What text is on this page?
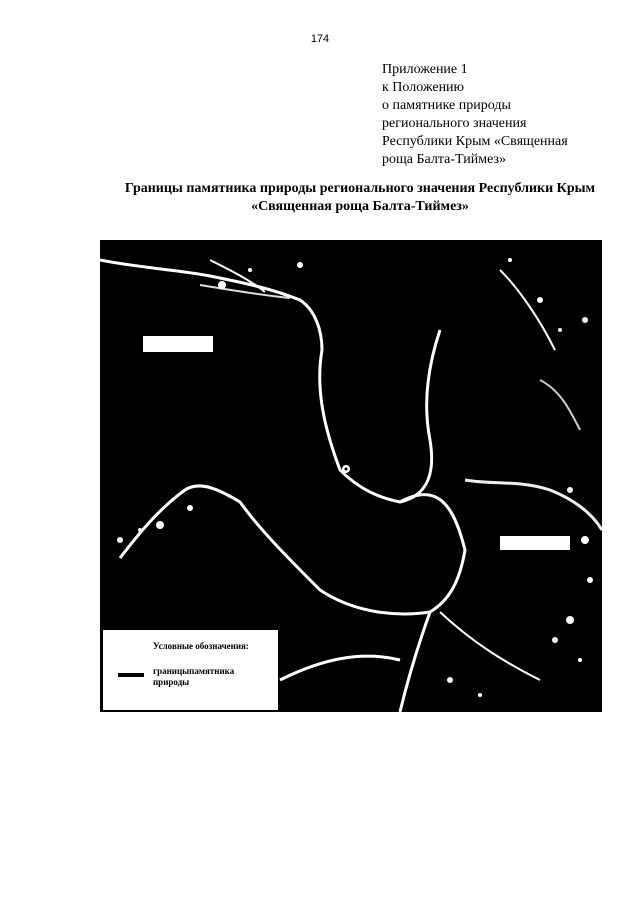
174
Приложение 1
к Положению
о памятнике природы
регионального значения
Республики Крым «Священная
роща Балта-Тиймез»
Границы памятника природы регионального значения Республики Крым
«Священная роща Балта-Тиймез»
Условные обозначения:
границыпамятника природы
